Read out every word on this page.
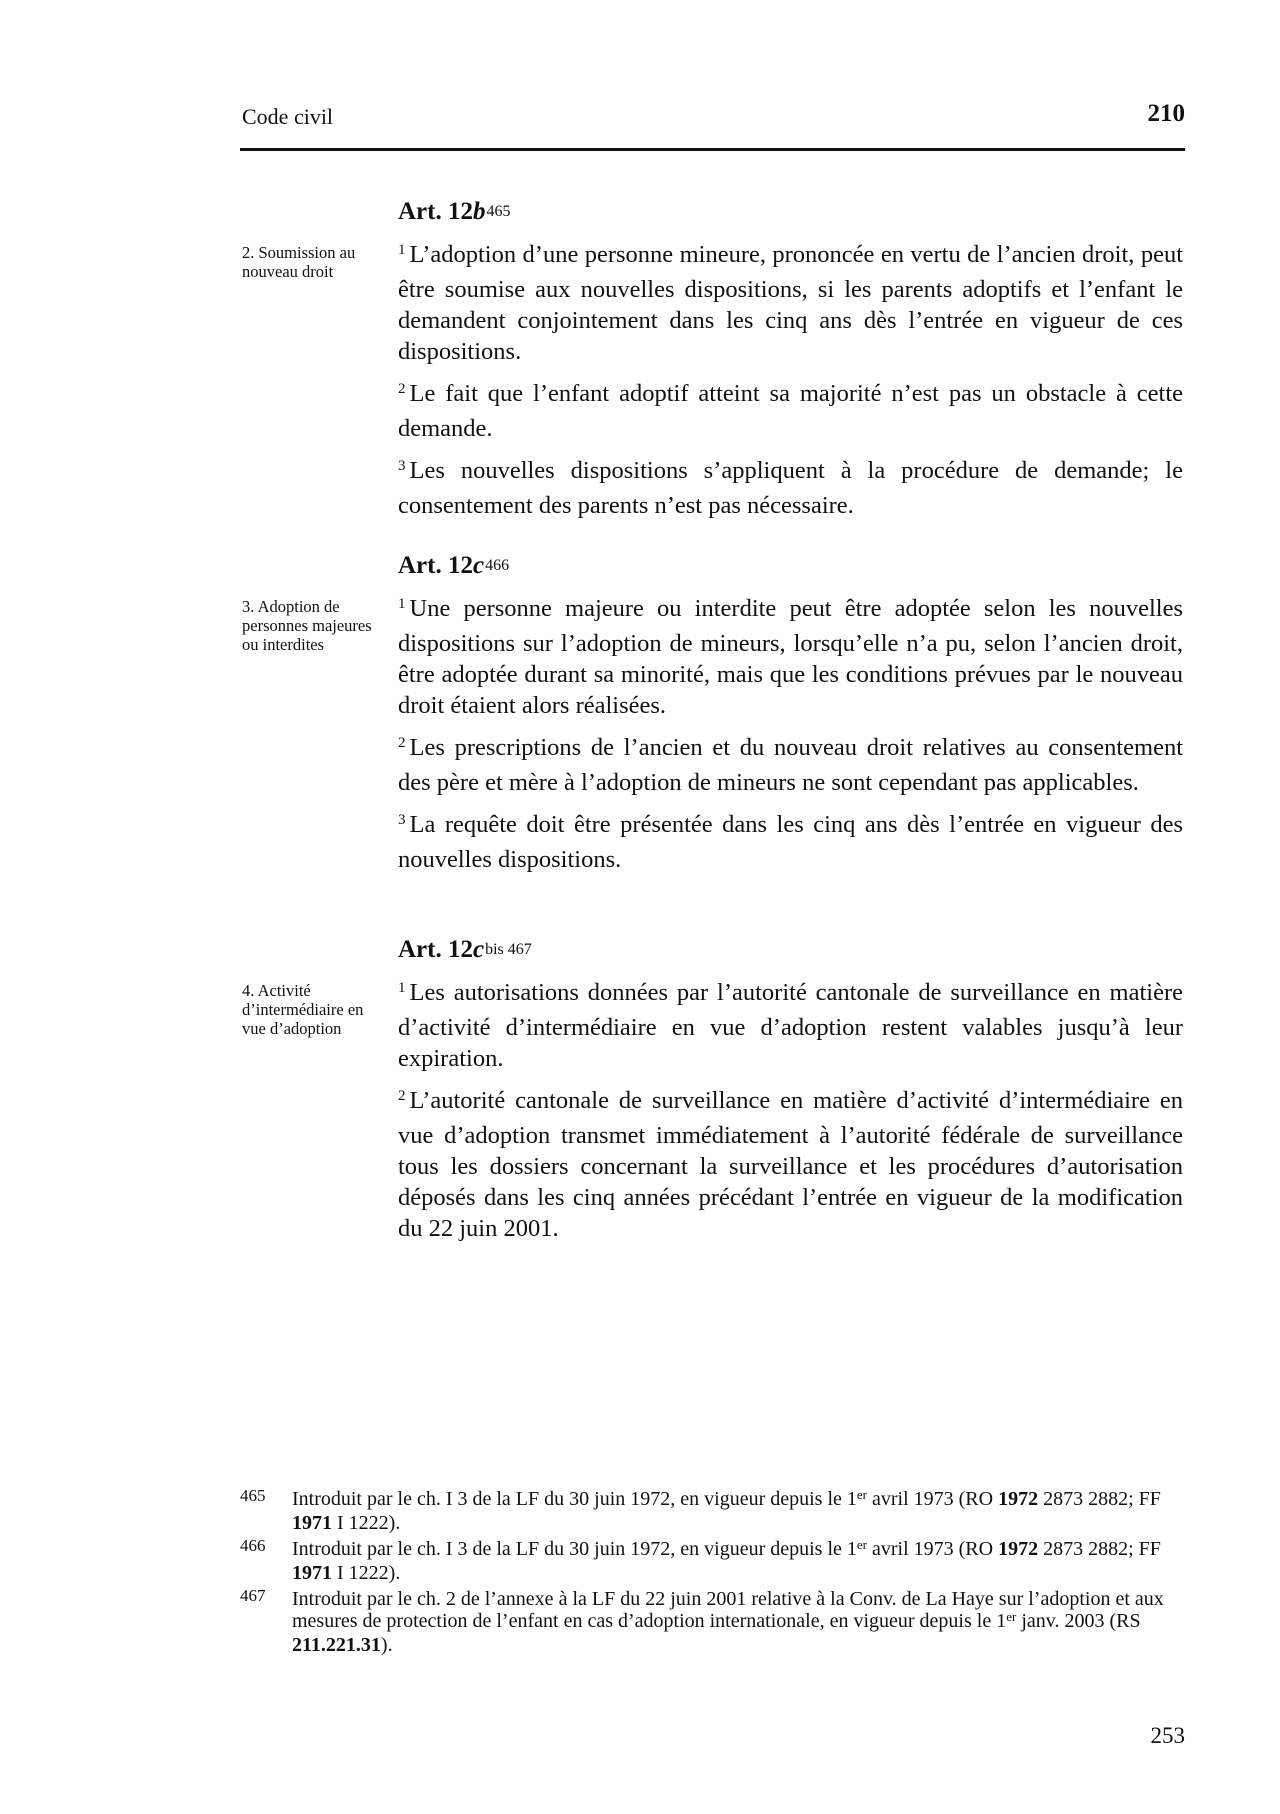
Code civil	210
Art. $12b^{465}$
2. Soumission au nouveau droit

$^1$ L’adoption d’une personne mineure, prononcée en vertu de l’ancien droit, peut être soumise aux nouvelles dispositions, si les parents adoptifs et l’enfant le demandent conjointement dans les cinq ans dès l’entrée en vigueur de ces dispositions.

$^2$ Le fait que l’enfant adoptif atteint sa majorité n’est pas un obstacle à cette demande.

$^3$ Les nouvelles dispositions s’appliquent à la procédure de demande; le consentement des parents n’est pas nécessaire.

Art. $12c^{466}$
3. Adoption de personnes majeures ou interdites

$^1$ Une personne majeure ou interdite peut être adoptée selon les nouvelles dispositions sur l’adoption de mineurs, lorsqu’elle n’a pu, selon l’ancien droit, être adoptée durant sa minorité, mais que les conditions prévues par le nouveau droit étaient alors réalisées.

$^2$ Les prescriptions de l’ancien et du nouveau droit relatives au consentement des père et mère à l’adoption de mineurs ne sont cependant pas applicables.

$^3$ La requête doit être présentée dans les cinq ans dès l’entrée en vigueur des nouvelles dispositions.

Art. $12c^{bis 467}$
4. Activité d’intermédiaire en vue d’adoption

$^1$ Les autorisations données par l’autorité cantonale de surveillance en matière d’activité d’intermédiaire en vue d’adoption restent valables jusqu’à leur expiration.

$^2$ L’autorité cantonale de surveillance en matière d’activité d’intermédiaire en vue d’adoption transmet immédiatement à l’autorité fédérale de surveillance tous les dossiers concernant la surveillance et les procédures d’autorisation déposés dans les cinq années précédant l’entrée en vigueur de la modification du 22 juin 2001.

465 Introduit par le ch. I 3 de la LF du 30 juin 1972, en vigueur depuis le 1er avril 1973 (RO 1972 2873 2882; FF 1971 I 1222).
466 Introduit par le ch. I 3 de la LF du 30 juin 1972, en vigueur depuis le 1er avril 1973 (RO 1972 2873 2882; FF 1971 I 1222).
467 Introduit par le ch. 2 de l’annexe à la LF du 22 juin 2001 relative à la Conv. de La Haye sur l’adoption et aux mesures de protection de l’enfant en cas d’adoption internationale, en vigueur depuis le 1er janv. 2003 (RS 211.221.31).
253
